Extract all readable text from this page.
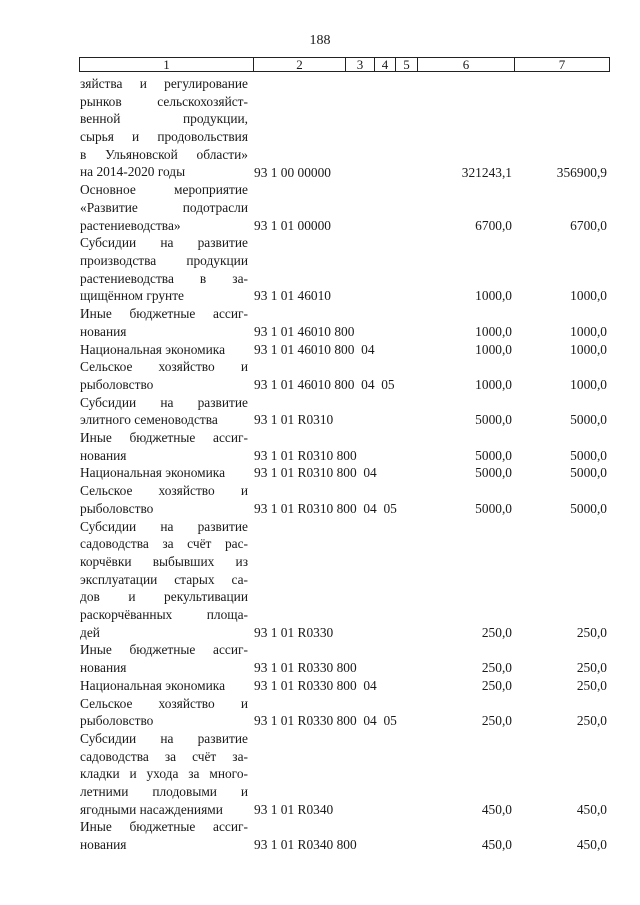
188
1	2	3	4	5	6	7
зяйства и регулирование
рынков сельскохозяйст-
венной продукции,
сырья и продовольствия
в Ульяновской области»
на 2014-2020 годы	93 1 00 00000	321243,1	356900,9
Основное мероприятие
«Развитие подотрасли
растениеводства»	93 1 01 00000	6700,0	6700,0
Субсидии на развитие
производства продукции
растениеводства в за-
щищённом грунте	93 1 01 46010	1000,0	1000,0
Иные бюджетные ассиг-
нования	93 1 01 46010 800	1000,0	1000,0
Национальная экономика	93 1 01 46010 800  04	1000,0	1000,0
Сельское хозяйство и
рыболовство	93 1 01 46010 800  04  05	1000,0	1000,0
Субсидии на развитие
элитного семеноводства	93 1 01 R0310	5000,0	5000,0
Иные бюджетные ассиг-
нования	93 1 01 R0310 800	5000,0	5000,0
Национальная экономика	93 1 01 R0310 800  04	5000,0	5000,0
Сельское хозяйство и
рыболовство	93 1 01 R0310 800  04  05	5000,0	5000,0
Субсидии на развитие
садоводства за счёт рас-
корчёвки выбывших из
эксплуатации старых са-
дов и рекультивации
раскорчёванных площа-
дей	93 1 01 R0330	250,0	250,0
Иные бюджетные ассиг-
нования	93 1 01 R0330 800	250,0	250,0
Национальная экономика	93 1 01 R0330 800  04	250,0	250,0
Сельское хозяйство и
рыболовство	93 1 01 R0330 800  04  05	250,0	250,0
Субсидии на развитие
садоводства за счёт за-
кладки и ухода за много-
летними плодовыми и
ягодными насаждениями	93 1 01 R0340	450,0	450,0
Иные бюджетные ассиг-
нования	93 1 01 R0340 800	450,0	450,0
